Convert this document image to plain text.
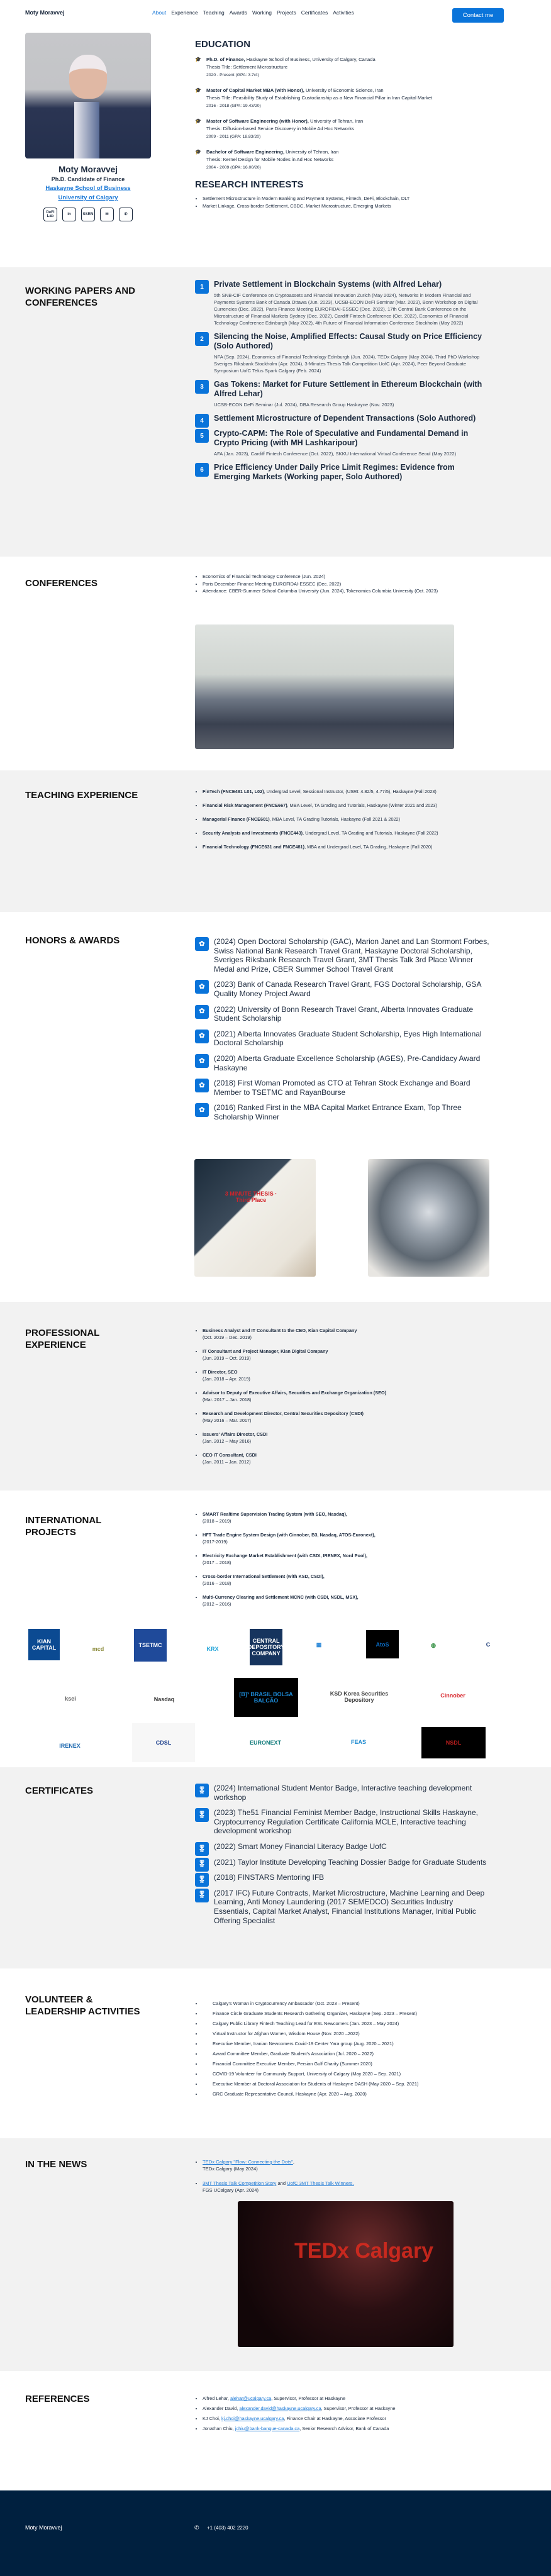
Moty Moravvej	About Experience Teaching Awards Working Projects Certificates Activities	Contact me
Moty Moravvej
Ph.D. Candidate of Finance
Haskayne School of Business
University of Calgary
DeFi Lab	in	SSRN	✉	✆
EDUCATION
🎓 Ph.D. of Finance, Haskayne School of Business, University of Calgary, Canada
Thesis Title: Settlement Microstructure
2020 - Present (GPA: 3.7/4)
🎓 Master of Capital Market MBA (with Honor), University of Economic Science, Iran
Thesis Title: Feasibility Study of Establishing Custodianship as a New Financial Pillar in Iran Capital Market
2016 - 2018 (GPA: 19.43/20)
🎓 Master of Software Engineering (with Honor), University of Tehran, Iran
Thesis: Diffusion-based Service Discovery in Mobile Ad Hoc Networks
2009 - 2011 (GPA: 18.83/20)
🎓 Bachelor of Software Engineering, University of Tehran, Iran
Thesis: Kernel Design for Mobile Nodes in Ad Hoc Networks
2004 - 2009 (GPA: 16.00/20)
RESEARCH INTERESTS
• Settlement Microstructure in Modern Banking and Payment Systems, Fintech, DeFi, Blockchain, DLT
• Market Linkage, Cross-border Settlement, CBDC, Market Microstructure, Emerging Markets
WORKING PAPERS AND CONFERENCES
1	Private Settlement in Blockchain Systems (with Alfred Lehar)
5th SNB-CIF Conference on Cryptoassets and Financial Innovation Zurich (May 2024), Networks in Modern Financial and Payments Systems Bank of Canada Ottawa (Jun. 2023), UCSB-ECON DeFi Seminar (Mar. 2023), Bonn Workshop on Digital Currencies (Dec. 2022), Paris Finance Meeting EUROFIDAI-ESSEC (Dec. 2022), 17th Central Bank Conference on the Microstructure of Financial Markets Sydney (Dec. 2022), Cardiff Fintech Conference (Oct. 2022), Economics of Financial Technology Conference Edinburgh (May 2022), 4th Future of Financial Information Conference Stockholm (May 2022)
2	Silencing the Noise, Amplified Effects: Causal Study on Price Efficiency (Solo Authored)
NFA (Sep. 2024), Economics of Financial Technology Edinburgh (Jun. 2024), TEDx Calgary (May 2024), Third PhD Workshop Sveriges Riksbank Stockholm (Apr. 2024), 3-Minutes Thesis Talk Competition UofC (Apr. 2024), Peer Beyond Graduate Symposium UofC Telus Spark Calgary (Feb. 2024)
3	Gas Tokens: Market for Future Settlement in Ethereum Blockchain (with Alfred Lehar)
UCSB-ECON DeFi Seminar (Jul. 2024), DBA Research Group Haskayne (Nov. 2023)
4	Settlement Microstructure of Dependent Transactions (Solo Authored)
5	Crypto-CAPM: The Role of Speculative and Fundamental Demand in Crypto Pricing (with MH Lashkaripour)
AFA (Jan. 2023), Cardiff Fintech Conference (Oct. 2022), SKKU International Virtual Conference Seoul (May 2022)
6	Price Efficiency Under Daily Price Limit Regimes: Evidence from Emerging Markets (Working paper, Solo Authored)
CONFERENCES
• Economics of Financial Technology Conference (Jun. 2024)
• Paris December Finance Meeting EUROFIDAI-ESSEC (Dec. 2022)
• Attendance: CBER-Summer School Columbia University (Jun. 2024), Tokenomics Columbia University (Oct. 2023)
TEACHING EXPERIENCE	• FinTech (FNCE481 L01, L02), Undergrad Level, Sessional Instructor, (USRI: 4.82/5, 4.77/5), Haskayne (Fall 2023)
• Financial Risk Management (FNCE667), MBA Level, TA Grading and Tutorials, Haskayne (Winter 2021 and 2023)
• Managerial Finance (FNCE601), MBA Level, TA Grading Tutorials, Haskayne (Fall 2021 & 2022)
• Security Analysis and Investments (FNCE443), Undergrad Level, TA Grading and Tutorials, Haskayne (Fall 2022)
• Financial Technology (FNCE631 and FNCE481), MBA and Undergrad Level, TA Grading, Haskayne (Fall 2020)
HONORS & AWARDS	✿	(2024) Open Doctoral Scholarship (GAC), Marion Janet and Lan Stormont Forbes, Swiss National Bank Research Travel Grant, Haskayne Doctoral Scholarship, Sveriges Riksbank Research Travel Grant, 3MT Thesis Talk 3rd Place Winner Medal and Prize, CBER Summer School Travel Grant
✿	(2023) Bank of Canada Research Travel Grant, FGS Doctoral Scholarship, GSA Quality Money Project Award
✿	(2022) University of Bonn Research Travel Grant, Alberta Innovates Graduate Student Scholarship
✿	(2021) Alberta Innovates Graduate Student Scholarship, Eyes High International Doctoral Scholarship
✿	(2020) Alberta Graduate Excellence Scholarship (AGES), Pre-Candidacy Award Haskayne
✿	(2018) First Woman Promoted as CTO at Tehran Stock Exchange and Board Member to TSETMC and RayanBourse
✿	(2016) Ranked First in the MBA Capital Market Entrance Exam, Top Three Scholarship Winner
3 MINUTE THESIS · Third Place
PROFESSIONAL EXPERIENCE
• Business Analyst and IT Consultant to the CEO, Kian Capital Company
(Oct. 2019 – Dec. 2019)
• IT Consultant and Project Manager, Kian Digital Company
(Jun. 2019 – Oct. 2019)
• IT Director, SEO
(Jan. 2018 – Apr. 2019)
• Advisor to Deputy of Executive Affairs, Securities and Exchange Organization (SEO)
(Mar. 2017 – Jan. 2018)
• Research and Development Director, Central Securities Depository (CSDI)
(May 2016 – Mar. 2017)
• Issuers' Affairs Director, CSDI
(Jan. 2012 – May 2016)
• CEO IT Consultant, CSDI
(Jan. 2011 – Jan. 2012)
INTERNATIONAL PROJECTS
• SMART Realtime Supervision Trading System (with SEO, Nasdaq),
(2018 – 2019)
• HFT Trade Engine System Design (with Cinnober, B3, Nasdaq, ATOS-Euronext),
(2017-2019)
• Electricity Exchange Market Establishment (with CSDI, IRENEX, Nord Pool),
(2017 – 2018)
• Cross-border International Settlement (with KSD, CSDI),
(2016 – 2018)
• Multi-Currency Clearing and Settlement MCNC (with CSDI, NSDL, MSX),
(2012 – 2016)
KIAN CAPITAL	mcd
TSETMC
KRX
CENTRAL DEPOSITORY COMPANY
▦	AtoS	◍	C
ksei	Nasdaq
[B]³ BRASIL BOLSA BALCÃO
KSD Korea Securities Depository
Cinnober
IRENEX	CDSL	EURONEXT	FEAS	NSDL
CERTIFICATES	🎖	(2024) International Student Mentor Badge, Interactive teaching development workshop
🎖	(2023) The51 Financial Feminist Member Badge, Instructional Skills Haskayne, Cryptocurrency Regulation Certificate California MCLE, Interactive teaching development workshop
🎖	(2022) Smart Money Financial Literacy Badge UofC
🎖	(2021) Taylor Institute Developing Teaching Dossier Badge for Graduate Students
🎖	(2018) FINSTARS Mentoring IFB
🎖	(2017 IFC) Future Contracts, Market Microstructure, Machine Learning and Deep Learning, Anti Money Laundering (2017 SEMEDCO) Securities Industry Essentials, Capital Market Analyst, Financial Institutions Manager, Initial Public Offering Specialist
VOLUNTEER & LEADERSHIP ACTIVITIES
• Calgary's Woman in Cryptocurrency Ambassador (Oct. 2023 – Present)
• Finance Circle Graduate Students Research Gathering Organizer, Haskayne (Sep. 2023 – Present)
• Calgary Public Library Fintech Teaching Lead for ESL Newcomers (Jan. 2023 – May 2024)
• Virtual Instructor for Afghan Women, Wisdom House (Nov. 2020 –2022)
• Executive Member, Iranian Newcomers Covid-19 Center Yara group (Aug. 2020 – 2021)
• Award Committee Member, Graduate Student's Association (Jul. 2020 – 2022)
• Financial Committee Executive Member, Persian Gulf Charity (Summer 2020)
• COVID-19 Volunteer for Community Support, University of Calgary (May 2020 – Sep. 2021)
• Executive Member at Doctoral Association for Students of Haskayne DASH (May 2020 – Sep. 2021)
• GRC Graduate Representative Council, Haskayne (Apr. 2020 – Aug. 2020)
IN THE NEWS	• TEDx Calgary "Flow: Connecting the Dots",
TEDx Calgary (May 2024)
• 3MT Thesis Talk Competition Story and UofC 3MT Thesis Talk Winners,
FGS UCalgary (Apr. 2024)
TEDx Calgary
REFERENCES	• Alfred Lehar, alehar@ucalgary.ca, Supervisor, Professor at Haskayne
• Alexander David, alexander.david@haskayne.ucalgary.ca, Supervisor, Professor at Haskayne
• KJ Choi, kj.choi@haskayne.ucalgary.ca, Finance Chair at Haskayne, Associate Professor
• Jonathan Chiu, jchiu@bank-banque-canada.ca, Senior Research Advisor, Bank of Canada
Moty Moravvej	✆ +1 (403) 402 2220
